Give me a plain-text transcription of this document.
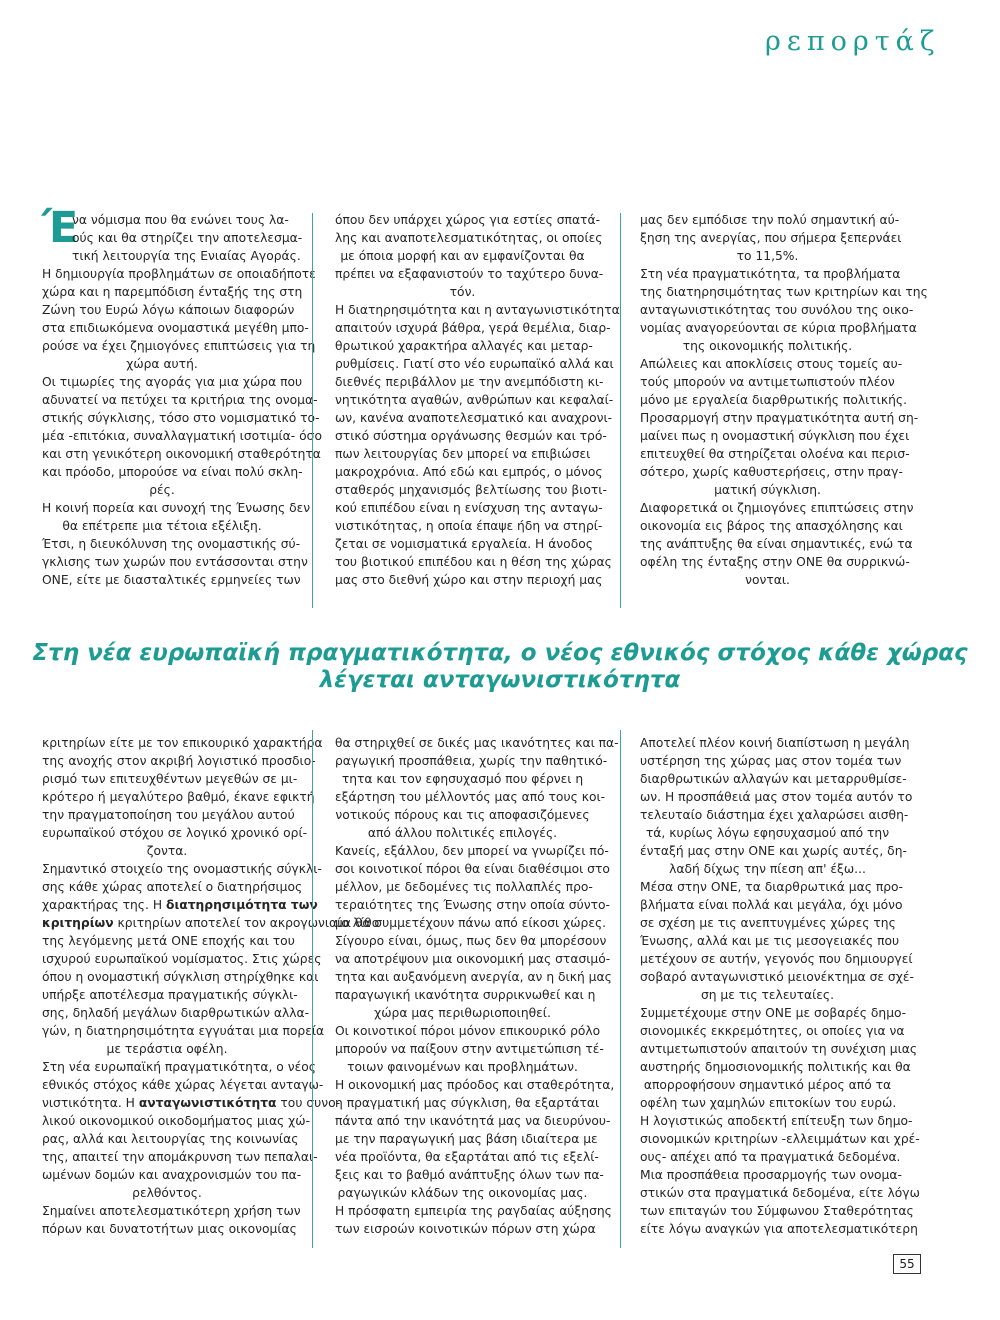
ρεπορτάζ
Έ
να νόμισμα που θα ενώνει τους λα-
ούς και θα στηρίζει την αποτελεσμα-
τική λειτουργία της Ενιαίας Αγοράς.
Η δημιουργία προβλημάτων σε οποιαδήποτε
χώρα και η παρεμπόδιση ένταξής της στη
Ζώνη του Ευρώ λόγω κάποιων διαφορών
στα επιδιωκόμενα ονομαστικά μεγέθη μπο-
ρούσε να έχει ζημιογόνες επιπτώσεις για τη
χώρα αυτή.
Οι τιμωρίες της αγοράς για μια χώρα που
αδυνατεί να πετύχει τα κριτήρια της ονομα-
στικής σύγκλισης, τόσο στο νομισματικό το-
μέα -επιτόκια, συναλλαγματική ισοτιμία- όσο
και στη γενικότερη οικονομική σταθερότητα
και πρόοδο, μπορούσε να είναι πολύ σκλη-
ρές.
Η κοινή πορεία και συνοχή της Ένωσης δεν
θα επέτρεπε μια τέτοια εξέλιξη.
Έτσι, η διευκόλυνση της ονομαστικής σύ-
γκλισης των χωρών που εντάσσονται στην
ΟΝΕ, είτε με διασταλτικές ερμηνείες των
όπου δεν υπάρχει χώρος για εστίες σπατά-
λης και αναποτελεσματικότητας, οι οποίες
με όποια μορφή και αν εμφανίζονται θα
πρέπει να εξαφανιστούν το ταχύτερο δυνα-
τόν.
Η διατηρησιμότητα και η ανταγωνιστικότητα
απαιτούν ισχυρά βάθρα, γερά θεμέλια, διαρ-
θρωτικού χαρακτήρα αλλαγές και μεταρ-
ρυθμίσεις. Γιατί στο νέο ευρωπαϊκό αλλά και
διεθνές περιβάλλον με την ανεμπόδιστη κι-
νητικότητα αγαθών, ανθρώπων και κεφαλαί-
ων, κανένα αναποτελεσματικό και αναχρονι-
στικό σύστημα οργάνωσης θεσμών και τρό-
πων λειτουργίας δεν μπορεί να επιβιώσει
μακροχρόνια. Από εδώ και εμπρός, ο μόνος
σταθερός μηχανισμός βελτίωσης του βιοτι-
κού επιπέδου είναι η ενίσχυση της ανταγω-
νιστικότητας, η οποία έπαψε ήδη να στηρί-
ζεται σε νομισματικά εργαλεία. Η άνοδος
του βιοτικού επιπέδου και η θέση της χώρας
μας στο διεθνή χώρο και στην περιοχή μας
μας δεν εμπόδισε την πολύ σημαντική αύ-
ξηση της ανεργίας, που σήμερα ξεπερνάει
το 11,5%.
Στη νέα πραγματικότητα, τα προβλήματα
της διατηρησιμότητας των κριτηρίων και της
ανταγωνιστικότητας του συνόλου της οικο-
νομίας αναγορεύονται σε κύρια προβλήματα
της οικονομικής πολιτικής.
Απώλειες και αποκλίσεις στους τομείς αυ-
τούς μπορούν να αντιμετωπιστούν πλέον
μόνο με εργαλεία διαρθρωτικής πολιτικής.
Προσαρμογή στην πραγματικότητα αυτή ση-
μαίνει πως η ονομαστική σύγκλιση που έχει
επιτευχθεί θα στηρίζεται ολοένα και περισ-
σότερο, χωρίς καθυστερήσεις, στην πραγ-
ματική σύγκλιση.
Διαφορετικά οι ζημιογόνες επιπτώσεις στην
οικονομία εις βάρος της απασχόλησης και
της ανάπτυξης θα είναι σημαντικές, ενώ τα
οφέλη της ένταξης στην ΟΝΕ θα συρρικνώ-
νονται.
Στη νέα ευρωπαϊκή πραγματικότητα, ο νέος εθνικός στόχος κάθε χώρας
λέγεται ανταγωνιστικότητα
κριτηρίων είτε με τον επικουρικό χαρακτήρα
της ανοχής στον ακριβή λογιστικό προσδιο-
ρισμό των επιτευχθέντων μεγεθών σε μι-
κρότερο ή μεγαλύτερο βαθμό, έκανε εφικτή
την πραγματοποίηση του μεγάλου αυτού
ευρωπαϊκού στόχου σε λογικό χρονικό ορί-
ζοντα.
Σημαντικό στοιχείο της ονομαστικής σύγκλι-
σης κάθε χώρας αποτελεί ο διατηρήσιμος
χαρακτήρας της. Η διατηρησιμότητα των
κριτηρίων κριτηρίων αποτελεί τον ακρογωνιαίο λίθο
της λεγόμενης μετά ΟΝΕ εποχής και του
ισχυρού ευρωπαϊκού νομίσματος. Στις χώρες
όπου η ονομαστική σύγκλιση στηρίχθηκε και
υπήρξε αποτέλεσμα πραγματικής σύγκλι-
σης, δηλαδή μεγάλων διαρθρωτικών αλλα-
γών, η διατηρησιμότητα εγγυάται μια πορεία
με τεράστια οφέλη.
Στη νέα ευρωπαϊκή πραγματικότητα, ο νέος
εθνικός στόχος κάθε χώρας λέγεται ανταγω-
νιστικότητα. Η ανταγωνιστικότητα του συνο-
λικού οικονομικού οικοδομήματος μιας χώ-
ρας, αλλά και λειτουργίας της κοινωνίας
της, απαιτεί την απομάκρυνση των πεπαλαι-
ωμένων δομών και αναχρονισμών του πα-
ρελθόντος.
Σημαίνει αποτελεσματικότερη χρήση των
πόρων και δυνατοτήτων μιας οικονομίας
θα στηριχθεί σε δικές μας ικανότητες και πα-
ραγωγική προσπάθεια, χωρίς την παθητικό-
τητα και τον εφησυχασμό που φέρνει η
εξάρτηση του μέλλοντός μας από τους κοι-
νοτικούς πόρους και τις αποφασιζόμενες
από άλλου πολιτικές επιλογές.
Κανείς, εξάλλου, δεν μπορεί να γνωρίζει πό-
σοι κοινοτικοί πόροι θα είναι διαθέσιμοι στο
μέλλον, με δεδομένες τις πολλαπλές προ-
τεραιότητες της Ένωσης στην οποία σύντο-
μα θα συμμετέχουν πάνω από είκοσι χώρες.
Σίγουρο είναι, όμως, πως δεν θα μπορέσουν
να αποτρέψουν μια οικονομική μας στασιμό-
τητα και αυξανόμενη ανεργία, αν η δική μας
παραγωγική ικανότητα συρρικνωθεί και η
χώρα μας περιθωριοποιηθεί.
Οι κοινοτικοί πόροι μόνον επικουρικό ρόλο
μπορούν να παίξουν στην αντιμετώπιση τέ-
τοιων φαινομένων και προβλημάτων.
Η οικονομική μας πρόοδος και σταθερότητα,
η πραγματική μας σύγκλιση, θα εξαρτάται
πάντα από την ικανότητά μας να διευρύνου-
με την παραγωγική μας βάση ιδιαίτερα με
νέα προϊόντα, θα εξαρτάται από τις εξελί-
ξεις και το βαθμό ανάπτυξης όλων των πα-
ραγωγικών κλάδων της οικονομίας μας.
Η πρόσφατη εμπειρία της ραγδαίας αύξησης
των εισροών κοινοτικών πόρων στη χώρα
Αποτελεί πλέον κοινή διαπίστωση η μεγάλη
υστέρηση της χώρας μας στον τομέα των
διαρθρωτικών αλλαγών και μεταρρυθμίσε-
ων. Η προσπάθειά μας στον τομέα αυτόν το
τελευταίο διάστημα έχει χαλαρώσει αισθη-
τά, κυρίως λόγω εφησυχασμού από την
ένταξή μας στην ΟΝΕ και χωρίς αυτές, δη-
λαδή δίχως την πίεση απ' έξω...
Μέσα στην ΟΝΕ, τα διαρθρωτικά μας προ-
βλήματα είναι πολλά και μεγάλα, όχι μόνο
σε σχέση με τις ανεπτυγμένες χώρες της
Ένωσης, αλλά και με τις μεσογειακές που
μετέχουν σε αυτήν, γεγονός που δημιουργεί
σοβαρό ανταγωνιστικό μειονέκτημα σε σχέ-
ση με τις τελευταίες.
Συμμετέχουμε στην ΟΝΕ με σοβαρές δημο-
σιονομικές εκκρεμότητες, οι οποίες για να
αντιμετωπιστούν απαιτούν τη συνέχιση μιας
αυστηρής δημοσιονομικής πολιτικής και θα
απορροφήσουν σημαντικό μέρος από τα
οφέλη των χαμηλών επιτοκίων του ευρώ.
Η λογιστικώς αποδεκτή επίτευξη των δημο-
σιονομικών κριτηρίων -ελλειμμάτων και χρέ-
ους- απέχει από τα πραγματικά δεδομένα.
Μια προσπάθεια προσαρμογής των ονομα-
στικών στα πραγματικά δεδομένα, είτε λόγω
των επιταγών του Σύμφωνου Σταθερότητας
είτε λόγω αναγκών για αποτελεσματικότερη
55
